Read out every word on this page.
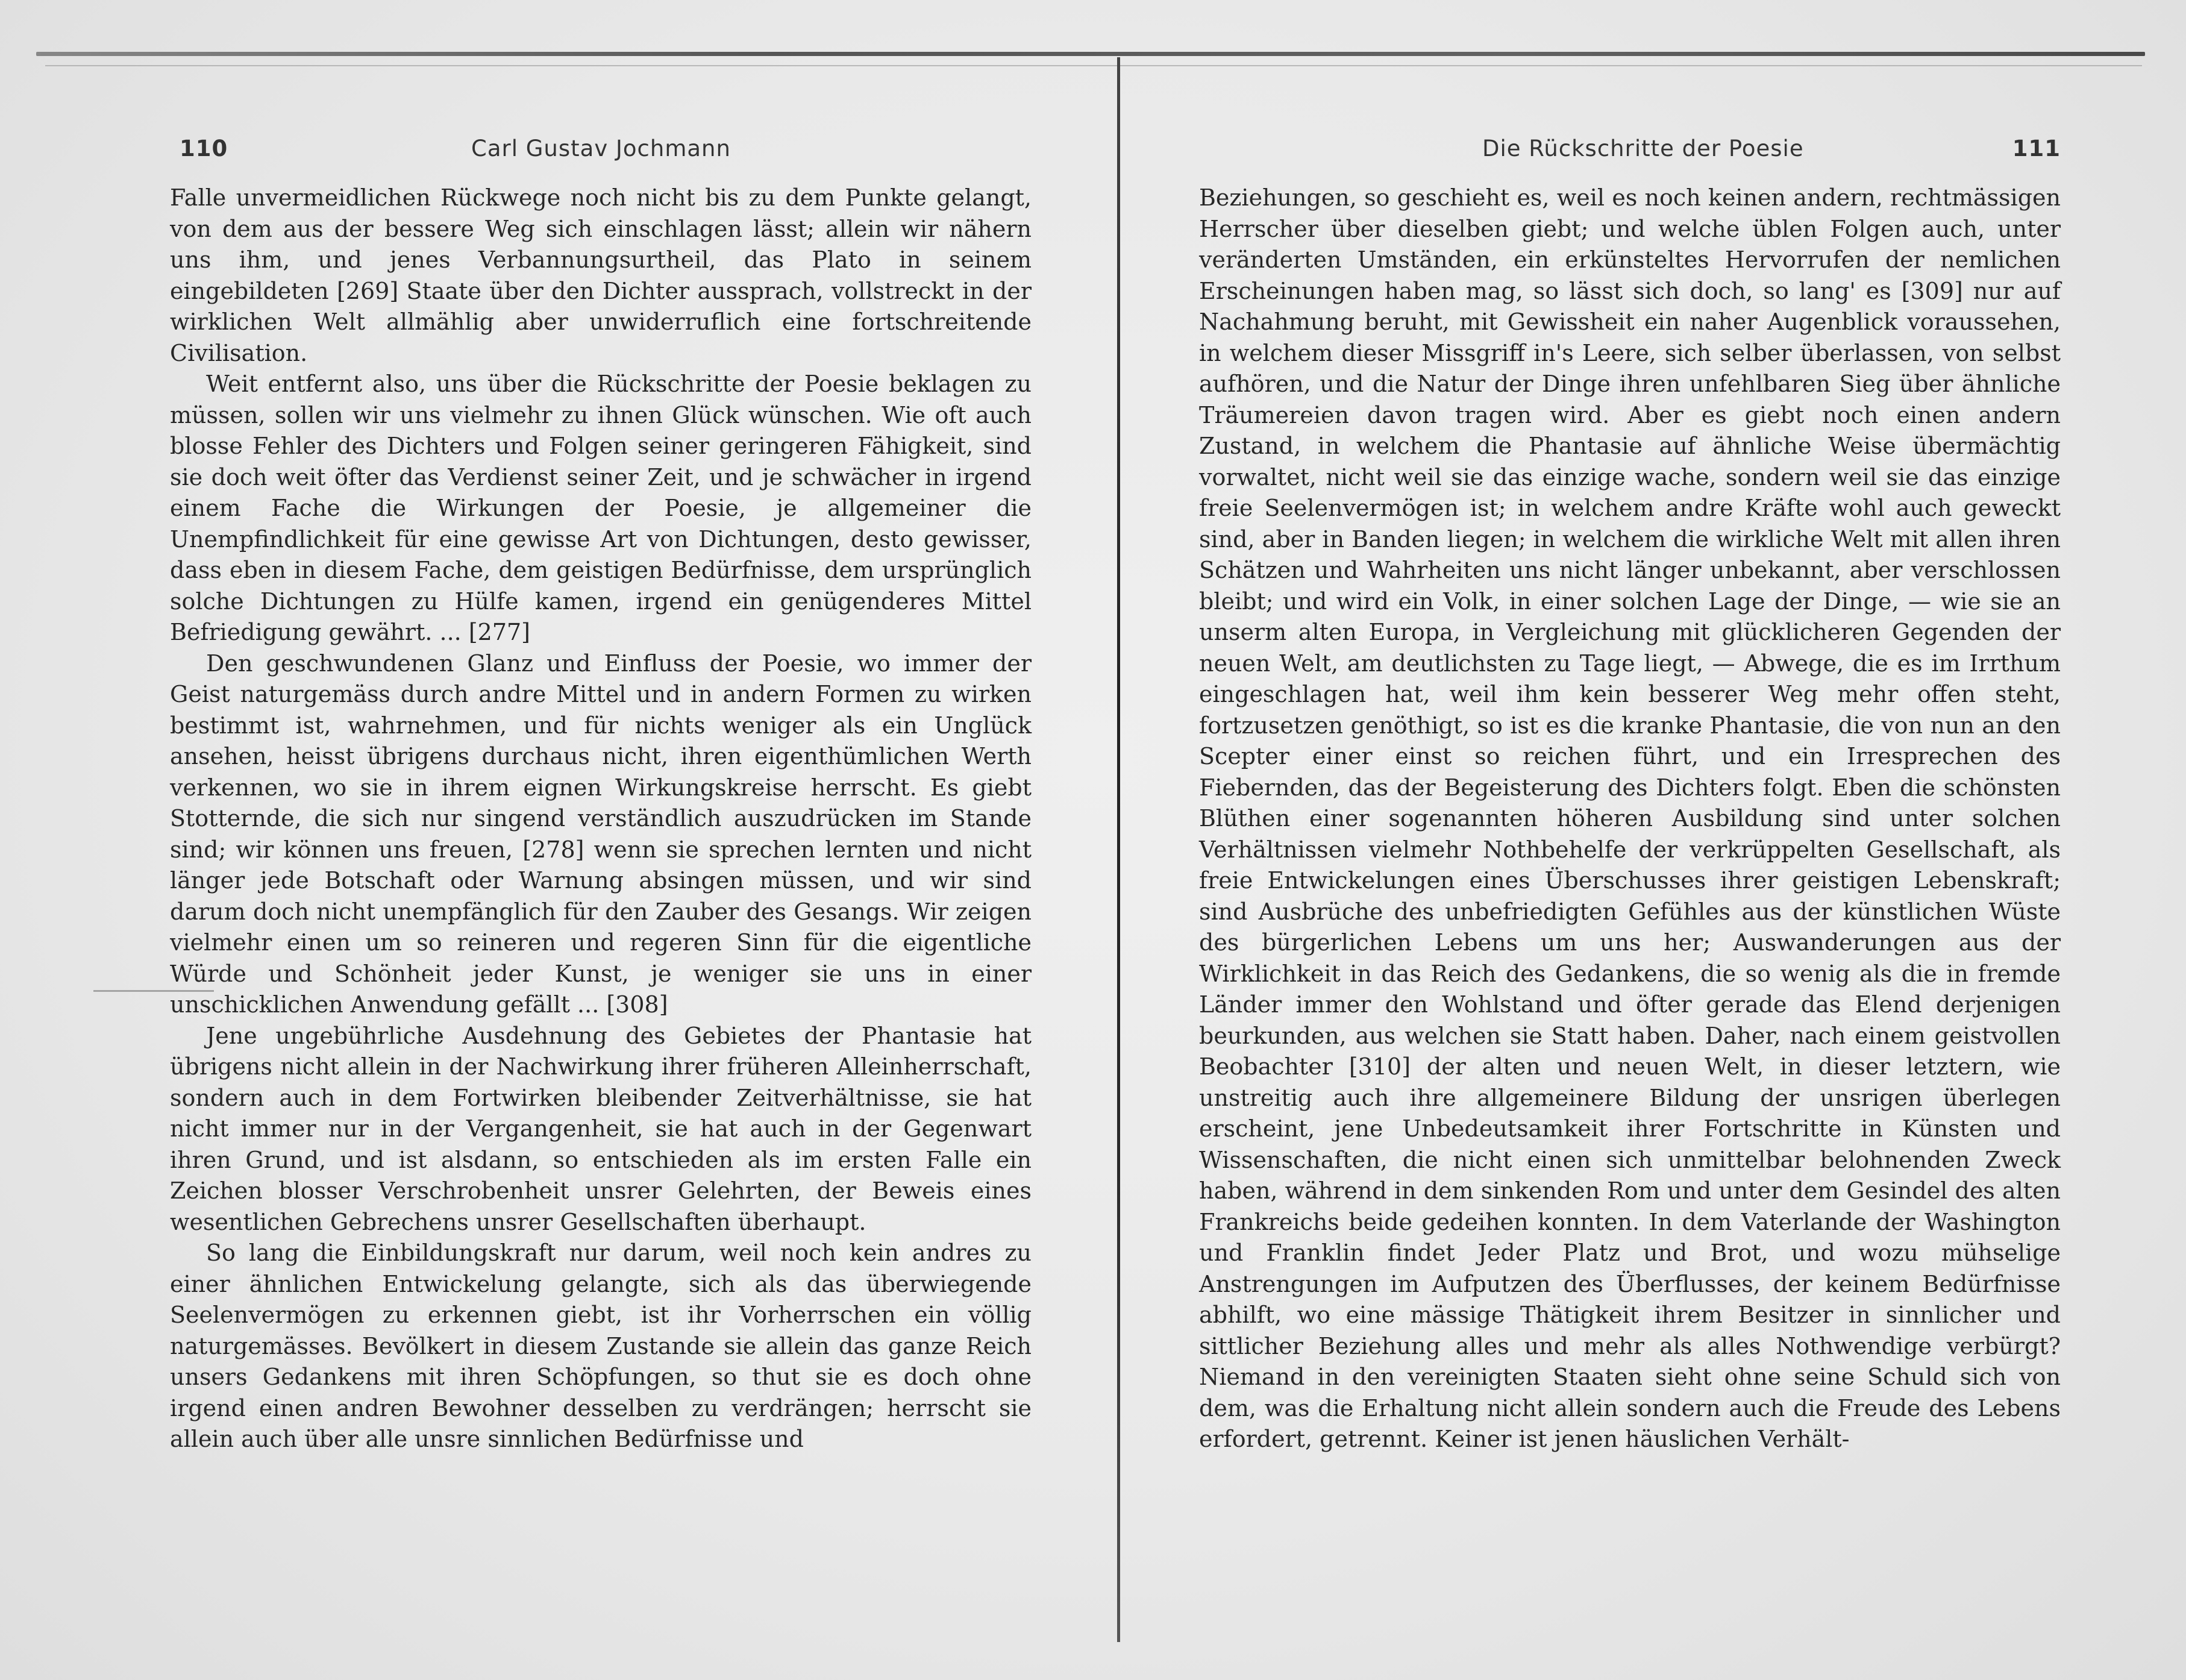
110	Carl Gustav Jochmann

Falle unvermeidlichen Rückwege noch nicht bis zu dem Punkte gelangt, von dem aus der bessere Weg sich einschlagen lässt; allein wir nähern uns ihm, und jenes Verbannungsurtheil, das Plato in seinem eingebildeten [269] Staate über den Dichter aussprach, vollstreckt in der wirklichen Welt allmählig aber unwiderruflich eine fortschreitende Civilisation.

Weit entfernt also, uns über die Rückschritte der Poesie beklagen zu müssen, sollen wir uns vielmehr zu ihnen Glück wünschen. Wie oft auch blosse Fehler des Dichters und Folgen seiner geringeren Fähigkeit, sind sie doch weit öfter das Verdienst seiner Zeit, und je schwächer in irgend einem Fache die Wirkungen der Poesie, je allgemeiner die Unempfindlichkeit für eine gewisse Art von Dichtungen, desto gewisser, dass eben in diesem Fache, dem geistigen Bedürfnisse, dem ursprünglich solche Dichtungen zu Hülfe kamen, irgend ein genügenderes Mittel Befriedigung gewährt. ... [277]

Den geschwundenen Glanz und Einfluss der Poesie, wo immer der Geist naturgemäss durch andre Mittel und in andern Formen zu wirken bestimmt ist, wahrnehmen, und für nichts weniger als ein Unglück ansehen, heisst übrigens durchaus nicht, ihren eigenthümlichen Werth verkennen, wo sie in ihrem eignen Wirkungskreise herrscht. Es giebt Stotternde, die sich nur singend verständlich auszudrücken im Stande sind; wir können uns freuen, [278] wenn sie sprechen lernten und nicht länger jede Botschaft oder Warnung absingen müssen, und wir sind darum doch nicht unempfänglich für den Zauber des Gesangs. Wir zeigen vielmehr einen um so reineren und regeren Sinn für die eigentliche Würde und Schönheit jeder Kunst, je weniger sie uns in einer unschicklichen Anwendung gefällt ... [308]

Jene ungebührliche Ausdehnung des Gebietes der Phantasie hat übrigens nicht allein in der Nachwirkung ihrer früheren Alleinherrschaft, sondern auch in dem Fortwirken bleibender Zeitverhältnisse, sie hat nicht immer nur in der Vergangenheit, sie hat auch in der Gegenwart ihren Grund, und ist alsdann, so entschieden als im ersten Falle ein Zeichen blosser Verschrobenheit unsrer Gelehrten, der Beweis eines wesentlichen Gebrechens unsrer Gesellschaften überhaupt.

So lang die Einbildungskraft nur darum, weil noch kein andres zu einer ähnlichen Entwickelung gelangte, sich als das überwiegende Seelenvermögen zu erkennen giebt, ist ihr Vorherrschen ein völlig naturgemässes. Bevölkert in diesem Zustande sie allein das ganze Reich unsers Gedankens mit ihren Schöpfungen, so thut sie es doch ohne irgend einen andren Bewohner desselben zu verdrängen; herrscht sie allein auch über alle unsre sinnlichen Bedürfnisse und

Die Rückschritte der Poesie	111

Beziehungen, so geschieht es, weil es noch keinen andern, rechtmässigen Herrscher über dieselben giebt; und welche üblen Folgen auch, unter veränderten Umständen, ein erkünsteltes Hervorrufen der nemlichen Erscheinungen haben mag, so lässt sich doch, so lang' es [309] nur auf Nachahmung beruht, mit Gewissheit ein naher Augenblick voraussehen, in welchem dieser Missgriff in's Leere, sich selber überlassen, von selbst aufhören, und die Natur der Dinge ihren unfehlbaren Sieg über ähnliche Träumereien davon tragen wird. Aber es giebt noch einen andern Zustand, in welchem die Phantasie auf ähnliche Weise übermächtig vorwaltet, nicht weil sie das einzige wache, sondern weil sie das einzige freie Seelenvermögen ist; in welchem andre Kräfte wohl auch geweckt sind, aber in Banden liegen; in welchem die wirkliche Welt mit allen ihren Schätzen und Wahrheiten uns nicht länger unbekannt, aber verschlossen bleibt; und wird ein Volk, in einer solchen Lage der Dinge, — wie sie an unserm alten Europa, in Vergleichung mit glücklicheren Gegenden der neuen Welt, am deutlichsten zu Tage liegt, — Abwege, die es im Irrthum eingeschlagen hat, weil ihm kein besserer Weg mehr offen steht, fortzusetzen genöthigt, so ist es die kranke Phantasie, die von nun an den Scepter einer einst so reichen führt, und ein Irresprechen des Fiebernden, das der Begeisterung des Dichters folgt. Eben die schönsten Blüthen einer sogenannten höheren Ausbildung sind unter solchen Verhältnissen vielmehr Nothbehelfe der verkrüppelten Gesellschaft, als freie Entwickelungen eines Überschusses ihrer geistigen Lebenskraft; sind Ausbrüche des unbefriedigten Gefühles aus der künstlichen Wüste des bürgerlichen Lebens um uns her; Auswanderungen aus der Wirklichkeit in das Reich des Gedankens, die so wenig als die in fremde Länder immer den Wohlstand und öfter gerade das Elend derjenigen beurkunden, aus welchen sie Statt haben. Daher, nach einem geistvollen Beobachter [310] der alten und neuen Welt, in dieser letztern, wie unstreitig auch ihre allgemeinere Bildung der unsrigen überlegen erscheint, jene Unbedeutsamkeit ihrer Fortschritte in Künsten und Wissenschaften, die nicht einen sich unmittelbar belohnenden Zweck haben, während in dem sinkenden Rom und unter dem Gesindel des alten Frankreichs beide gedeihen konnten. In dem Vaterlande der Washington und Franklin findet Jeder Platz und Brot, und wozu mühselige Anstrengungen im Aufputzen des Überflusses, der keinem Bedürfnisse abhilft, wo eine mässige Thätigkeit ihrem Besitzer in sinnlicher und sittlicher Beziehung alles und mehr als alles Nothwendige verbürgt? Niemand in den vereinigten Staaten sieht ohne seine Schuld sich von dem, was die Erhaltung nicht allein sondern auch die Freude des Lebens erfordert, getrennt. Keiner ist jenen häuslichen Verhält-
